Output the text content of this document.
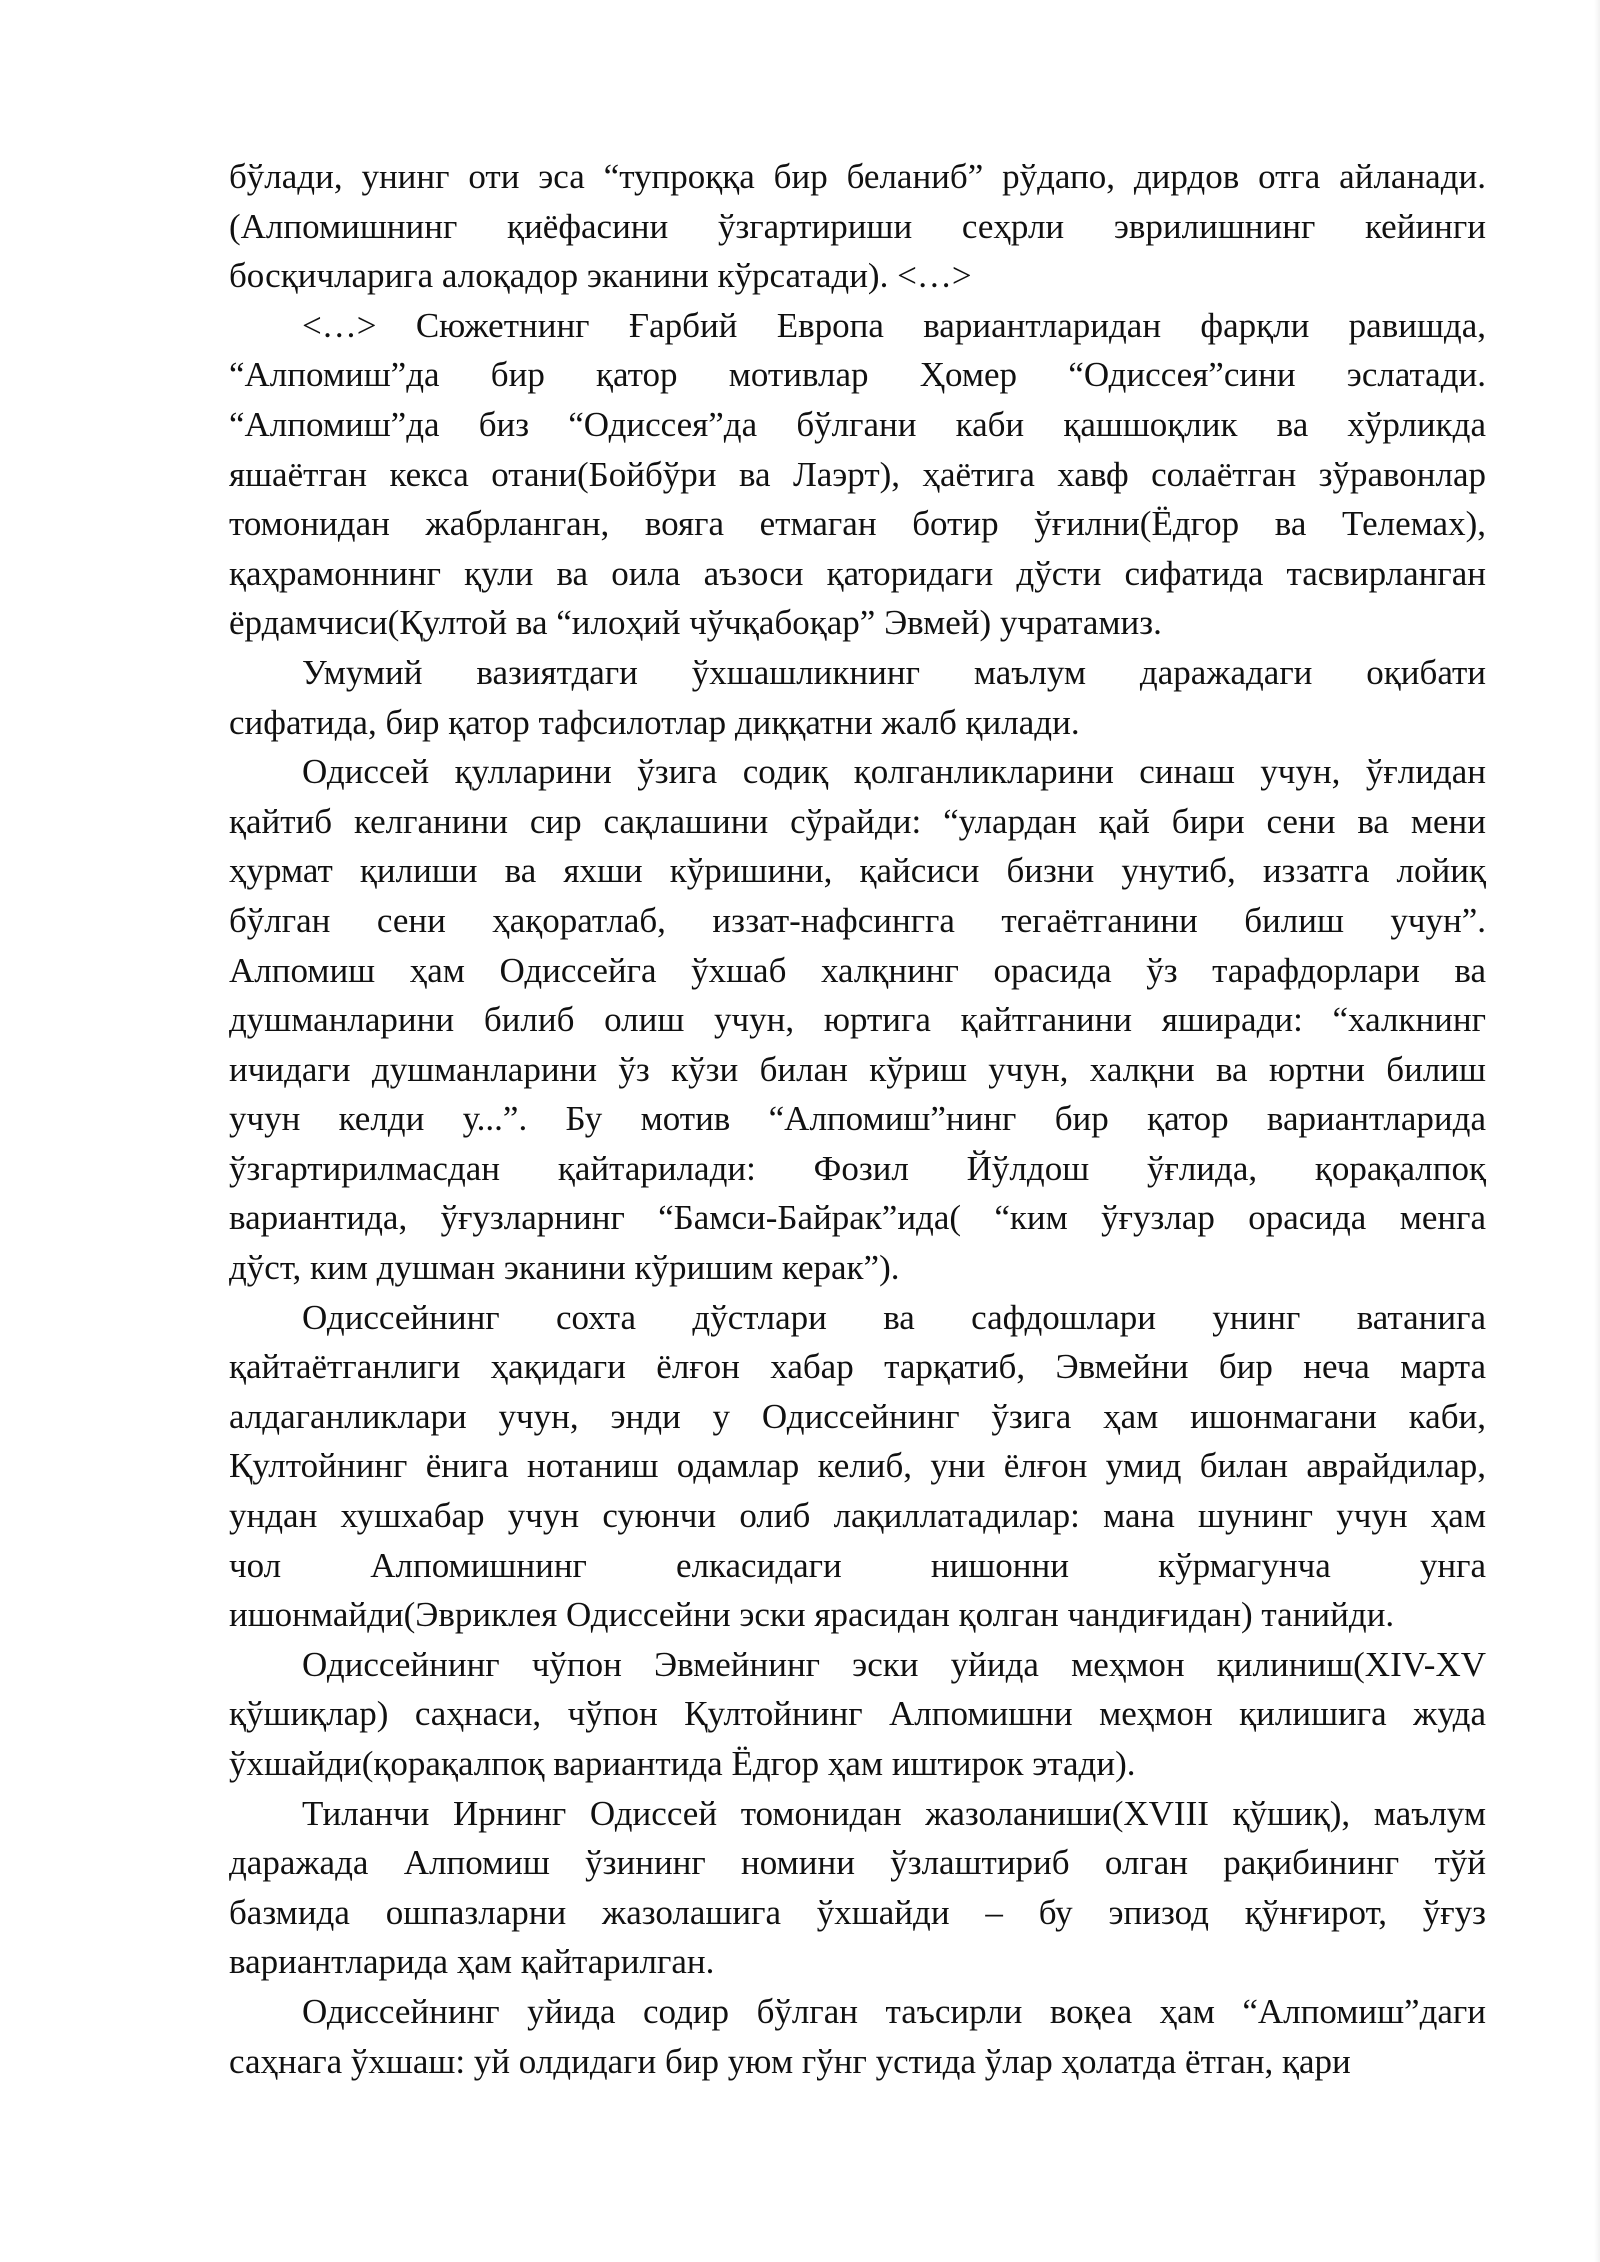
бўлади, унинг оти эса “тупроққа бир беланиб” рўдапо, дирдов отга айланади.
(Алпомишнинг қиёфасини ўзгартириши сеҳрли эврилишнинг кейинги
босқичларига алоқадор эканини кўрсатади). <…>
<…> Сюжетнинг Ғарбий Европа вариантларидан фарқли равишда,
“Алпомиш”да бир қатор мотивлар Ҳомер “Одиссея”сини эслатади.
“Алпомиш”да биз “Одиссея”да бўлгани каби қашшоқлик ва хўрликда
яшаётган кекса отани(Бойбўри ва Лаэрт), ҳаётига хавф солаётган зўравонлар
томонидан жабрланган, вояга етмаган ботир ўғилни(Ёдгор ва Телемах),
қаҳрамоннинг қули ва оила аъзоси қаторидаги дўсти сифатида тасвирланган
ёрдамчиси(Қултой ва “илоҳий чўчқабоқар” Эвмей) учратамиз.
Умумий вазиятдаги ўхшашликнинг маълум даражадаги оқибати
сифатида, бир қатор тафсилотлар диққатни жалб қилади.
Одиссей қулларини ўзига содиқ қолганликларини синаш учун, ўғлидан
қайтиб келганини сир сақлашини сўрайди: “улардан қай бири сени ва мени
ҳурмат қилиши ва яхши кўришини, қайсиси бизни унутиб, иззатга лойиқ
бўлган сени ҳақоратлаб, иззат-нафсингга тегаётганини билиш учун”.
Алпомиш ҳам Одиссейга ўхшаб халқнинг орасида ўз тарафдорлари ва
душманларини билиб олиш учун, юртига қайтганини яширади: “халкнинг
ичидаги душманларини ўз кўзи билан кўриш учун, халқни ва юртни билиш
учун келди у...”. Бу мотив “Алпомиш”нинг бир қатор вариантларида
ўзгартирилмасдан қайтарилади: Фозил Йўлдош ўғлида, қорақалпоқ
вариантида, ўғузларнинг “Бамси-Байрак”ида( “ким ўғузлар орасида менга
дўст, ким душман эканини кўришим керак”).
Одиссейнинг сохта дўстлари ва сафдошлари унинг ватанига
қайтаётганлиги ҳақидаги ёлғон хабар тарқатиб, Эвмейни бир неча марта
алдаганликлари учун, энди у Одиссейнинг ўзига ҳам ишонмагани каби,
Қултойнинг ёнига нотаниш одамлар келиб, уни ёлғон умид билан аврайдилар,
ундан хушхабар учун суюнчи олиб лақиллатадилар: мана шунинг учун ҳам
чол Алпомишнинг елкасидаги нишонни кўрмагунча унга
ишонмайди(Эвриклея Одиссейни эски ярасидан қолган чандиғидан) танийди.
Одиссейнинг чўпон Эвмейнинг эски уйида меҳмон қилиниш(XIV-XV
қўшиқлар) саҳнаси, чўпон Қултойнинг Алпомишни меҳмон қилишига жуда
ўхшайди(қорақалпоқ вариантида Ёдгор ҳам иштирок этади).
Тиланчи Ирнинг Одиссей томонидан жазоланиши(XVIII қўшиқ), маълум
даражада Алпомиш ўзининг номини ўзлаштириб олган рақибининг тўй
базмида ошпазларни жазолашига ўхшайди – бу эпизод қўнғирот, ўғуз
вариантларида ҳам қайтарилган.
Одиссейнинг уйида содир бўлган таъсирли воқеа ҳам “Алпомиш”даги
саҳнага ўхшаш: уй олдидаги бир уюм гўнг устида ўлар ҳолатда ётган, қари
